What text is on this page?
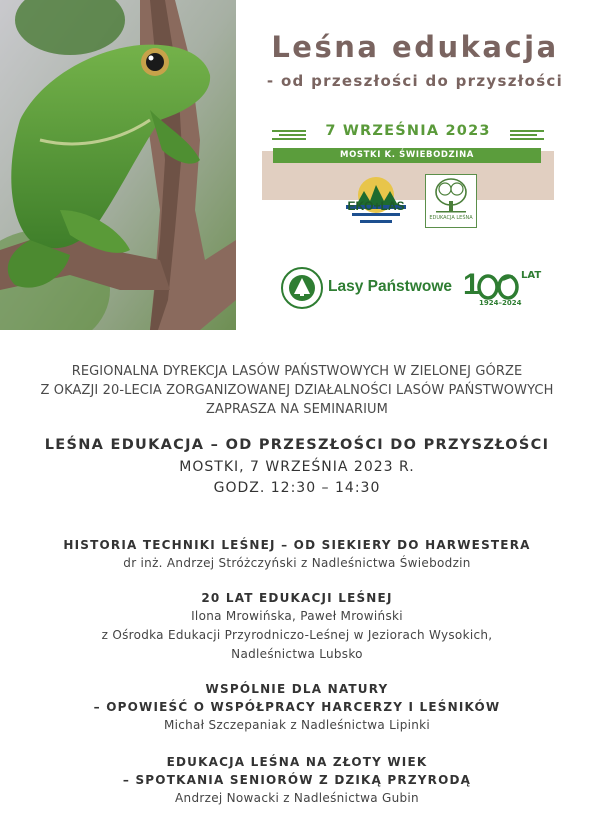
Leśna edukacja
- od przeszłości do przyszłości
7 WRZEŚNIA 2023
MOSTKI K. ŚWIEBODZINA
EKO+LAS
EDUKACJA LEŚNA
Lasy Państwowe 1	LAT
1924–2024
REGIONALNA DYREKCJA LASÓW PAŃSTWOWYCH W ZIELONEJ GÓRZE
Z OKAZJI 20-LECIA ZORGANIZOWANEJ DZIAŁALNOŚCI LASÓW PAŃSTWOWYCH
ZAPRASZA NA SEMINARIUM
LEŚNA EDUKACJA – OD PRZESZŁOŚCI DO PRZYSZŁOŚCI
MOSTKI, 7 WRZEŚNIA 2023 R.
GODZ. 12:30 – 14:30
HISTORIA TECHNIKI LEŚNEJ – OD SIEKIERY DO HARWESTERA
dr inż. Andrzej Stróżczyński z Nadleśnictwa Świebodzin
20 LAT EDUKACJI LEŚNEJ
Ilona Mrowińska, Paweł Mrowiński
z Ośrodka Edukacji Przyrodniczo-Leśnej w Jeziorach Wysokich,
Nadleśnictwa Lubsko
WSPÓLNIE DLA NATURY
– OPOWIEŚĆ O WSPÓŁPRACY HARCERZY I LEŚNIKÓW
Michał Szczepaniak z Nadleśnictwa Lipinki
EDUKACJA LEŚNA NA ZŁOTY WIEK
– SPOTKANIA SENIORÓW Z DZIKĄ PRZYRODĄ
Andrzej Nowacki z Nadleśnictwa Gubin
